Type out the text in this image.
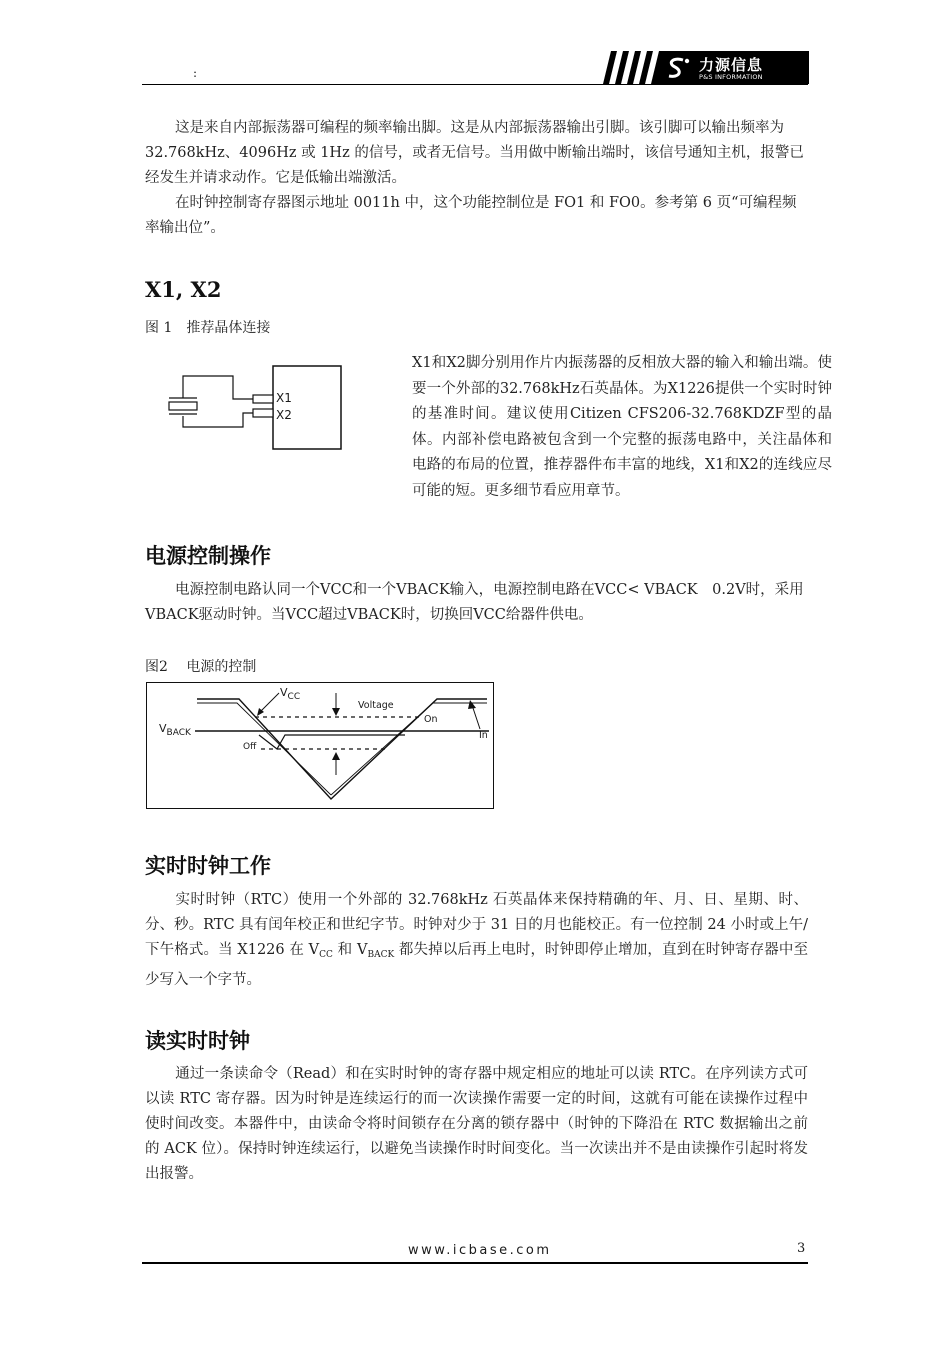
:	力源信息
P&S INFORMATION

这是来自内部振荡器可编程的频率输出脚。这是从内部振荡器输出引脚。该引脚可以输出频率为 32.768kHz、4096Hz 或 1Hz 的信号，或者无信号。当用做中断输出端时，该信号通知主机，报警已经发生并请求动作。它是低输出端激活。

在时钟控制寄存器图示地址 0011h 中，这个功能控制位是 FO1 和 FO0。参考第 6 页“可编程频率输出位”。

X1, X2
图 1　推荐晶体连接
X1
X2

X1和X2脚分别用作片内振荡器的反相放大器的输入和输出端。使要一个外部的32.768kHz石英晶体。为X1226提供一个实时时钟的基准时间。建议使用Citizen CFS206-32.768KDZF型的晶体。内部补偿电路被包含到一个完整的振荡电路中，关注晶体和电路的布局的位置，推荐器件布丰富的地线，X1和X2的连线应尽可能的短。更多细节看应用章节。

电源控制操作

电源控制电路认同一个VCC和一个VBACK输入，电源控制电路在VCC< VBACK　0.2V时，采用VBACK驱动时钟。当VCC超过VBACK时，切换回VCC给器件供电。

图2　 电源的控制
$V_{CC}$
$V_{BACK}$
Voltage
On
Off
In
实时时钟工作

实时时钟（RTC）使用一个外部的 32.768kHz 石英晶体来保持精确的年、月、日、星期、时、分、秒。RTC 具有闰年校正和世纪字节。时钟对少于 31 日的月也能校正。有一位控制 24 小时或上午/下午格式。当 X1226 在 $V_{CC}$ 和 $V_{BACK}$ 都失掉以后再上电时，时钟即停止增加，直到在时钟寄存器中至少写入一个字节。

读实时时钟

通过一条读命令（Read）和在实时时钟的寄存器中规定相应的地址可以读 RTC。在序列读方式可以读 RTC 寄存器。因为时钟是连续运行的而一次读操作需要一定的时间，这就有可能在读操作过程中使时间改变。本器件中，由读命令将时间锁存在分离的锁存器中（时钟的下降沿在 RTC 数据输出之前的 ACK 位）。保持时钟连续运行，以避免当读操作时时间变化。当一次读出并不是由读操作引起时将发出报警。

www.icbase.com	3
